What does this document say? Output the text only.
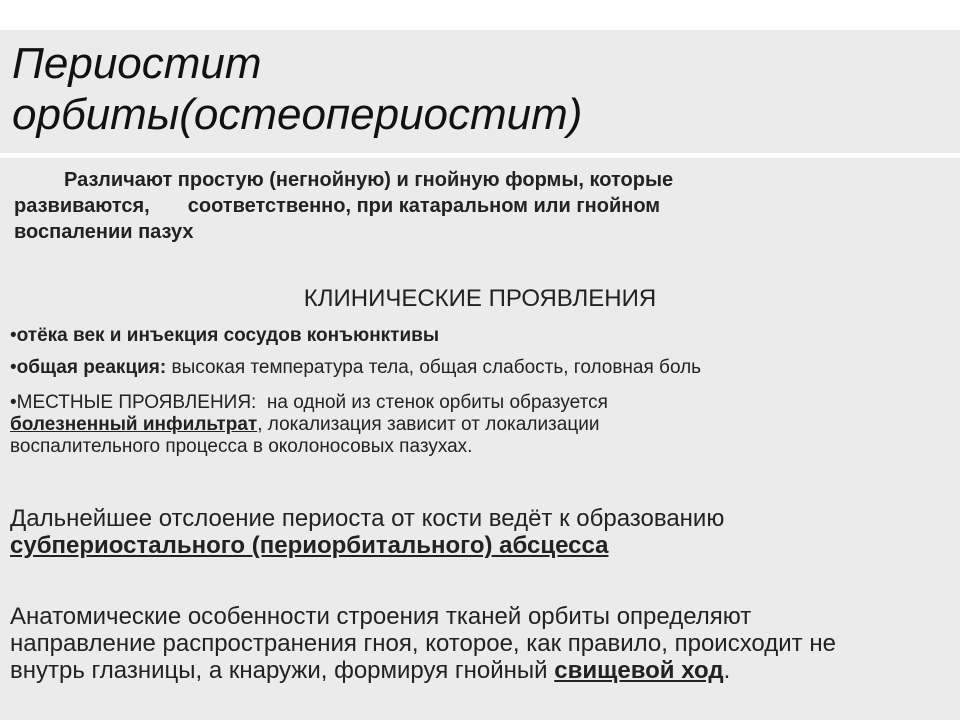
Периостит
орбиты(остеопериостит)

Различают простую (негнойную) и гнойную формы, которые
развиваются, соответственно, при катаральном или гнойном
воспалении пазух

КЛИНИЧЕСКИЕ ПРОЯВЛЕНИЯ

•отёка век и инъекция сосудов конъюнктивы

•общая реакция: высокая температура тела, общая слабость, головная боль

•МЕСТНЫЕ ПРОЯВЛЕНИЯ:  на одной из стенок орбиты образуется
болезненный инфильтрат, локализация зависит от локализации
воспалительного процесса в околоносовых пазухах.

Дальнейшее отслоение периоста от кости ведёт к образованию
субпериостального (периорбитального) абсцесса

Анатомические особенности строения тканей орбиты определяют
направление распространения гноя, которое, как правило, происходит не
внутрь глазницы, а кнаружи, формируя гнойный свищевой ход.
